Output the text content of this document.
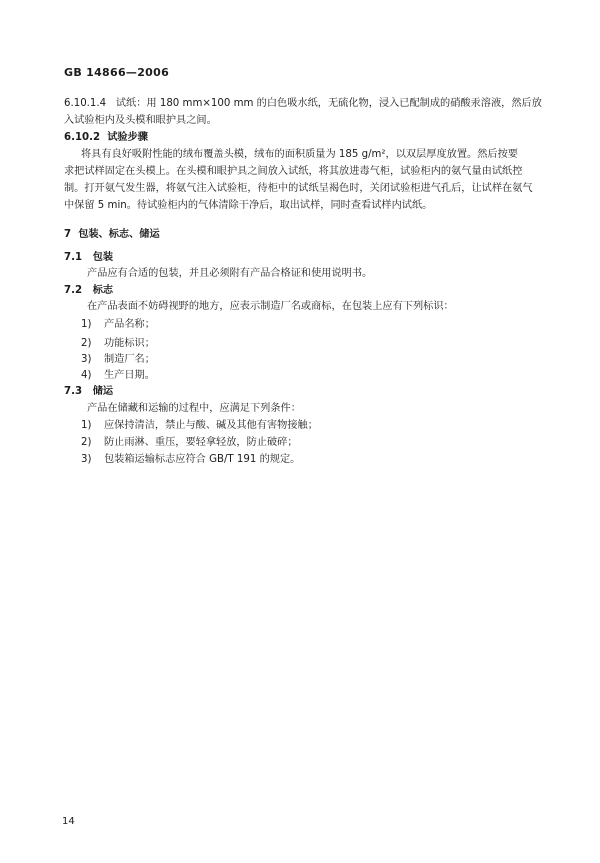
GB 14866—2006
6.10.1.4 试纸：用 180 mm×100 mm 的白色吸水纸，无硫化物，浸入已配制成的硝酸汞溶液，然后放
入试验柜内及头模和眼护具之间。
6.10.2 试验步骤
将具有良好吸附性能的绒布覆盖头模，绒布的面积质量为 185 g/m²，以双层厚度放置。然后按要
求把试样固定在头模上。在头模和眼护具之间放入试纸，将其放进毒气柜，试验柜内的氨气量由试纸控
制。打开氨气发生器，将氨气注入试验柜，待柜中的试纸呈褐色时，关闭试验柜进气孔后，让试样在氨气
中保留 5 min。待试验柜内的气体清除干净后，取出试样，同时查看试样内试纸。
7 包装、标志、储运
7.1 包装
产品应有合适的包装，并且必须附有产品合格证和使用说明书。
7.2 标志
在产品表面不妨碍视野的地方，应表示制造厂名或商标，在包装上应有下列标识：
1) 产品名称；
2) 功能标识；
3) 制造厂名；
4) 生产日期。
7.3 储运
产品在储藏和运输的过程中，应满足下列条件：
1) 应保持清洁，禁止与酸、碱及其他有害物接触；
2) 防止雨淋、重压，要轻拿轻放，防止破碎；
3) 包装箱运输标志应符合 GB/T 191 的规定。
14
